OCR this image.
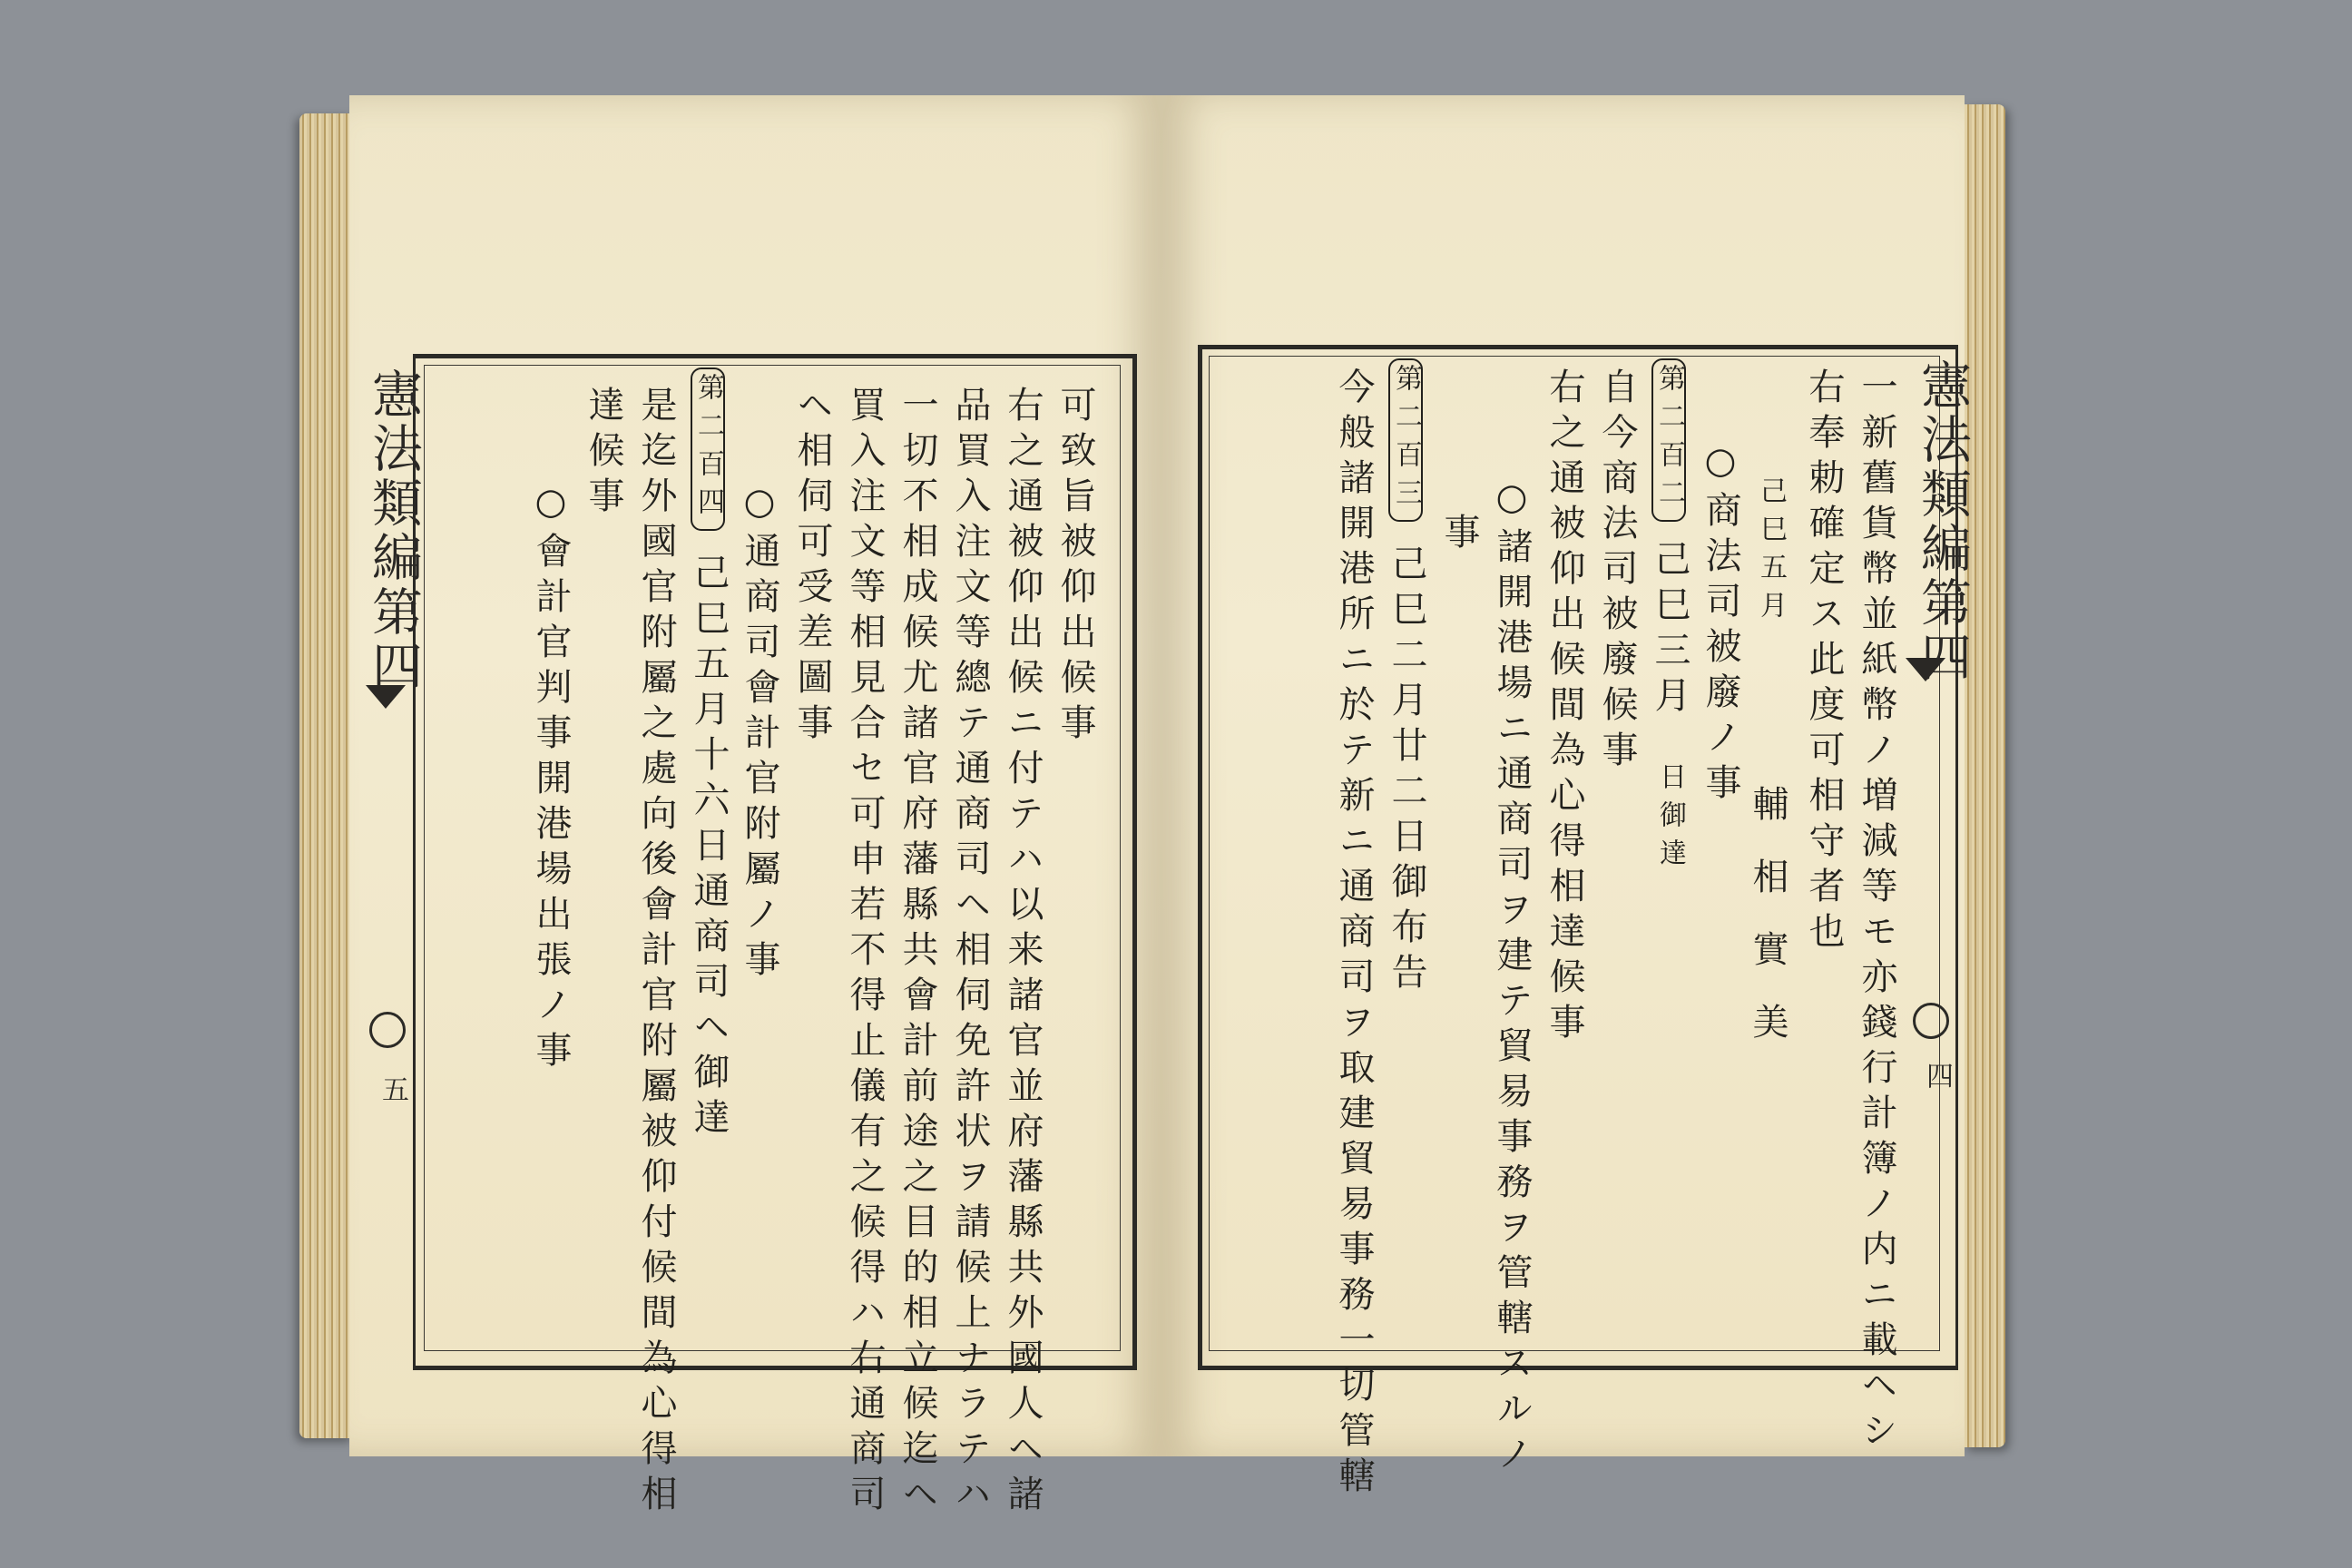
憲法類編第四
五
可致旨被仰出候事
右之通被仰出候ニ付テハ以来諸官並府藩縣共外國人ヘ諸
品買入注文等總テ通商司ヘ相伺免許状ヲ請候上ナラテハ
一切不相成候尤諸官府藩縣共會計前途之目的相立候迄ヘ
買入注文等相見合セ可申若不得止儀有之候得ハ右通商司
ヘ相伺可受差圖事
○通商司會計官附屬ノ事
第二百四
己巳五月十六日通商司ヘ御達
是迄外國官附屬之處向後會計官附屬被仰付候間為心得相
達候事
○會計官判事開港場出張ノ事	憲法類編第四
四
一新舊貨幣並紙幣ノ増減等モ亦錢行計簿ノ内ニ載ヘシ
右奉勅確定ス此度可相守者也
己巳五月
輔相實美
○商法司被廢ノ事
第二百二
己巳三月
日御達
自今商法司被廢候事
右之通被仰出候間為心得相達候事
○諸開港場ニ通商司ヲ建テ貿易事務ヲ管轄スルノ
事
第二百三
己巳二月廿二日御布告
今般諸開港所ニ於テ新ニ通商司ヲ取建貿易事務一切管轄
